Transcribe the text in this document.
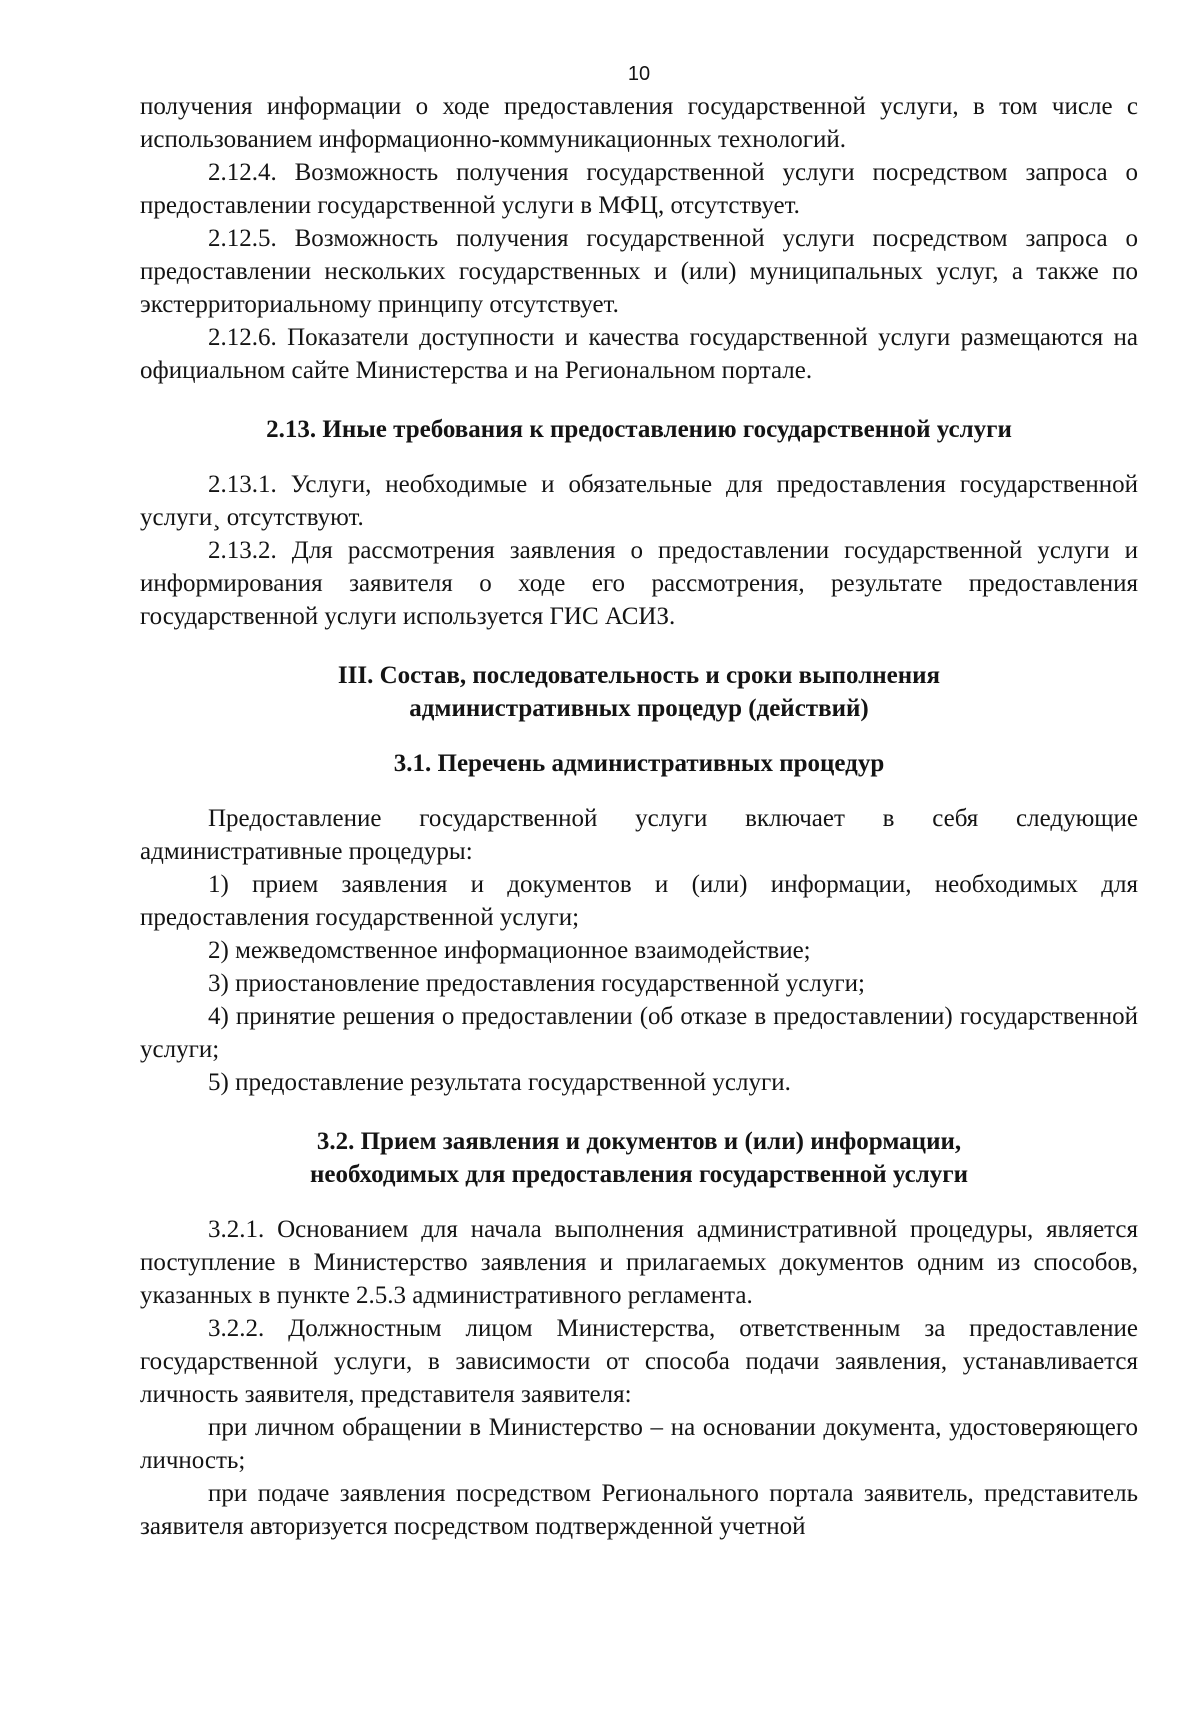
10

получения информации о ходе предоставления государственной услуги, в том числе с использованием информационно-коммуникационных технологий.

2.12.4. Возможность получения государственной услуги посредством запроса о предоставлении государственной услуги в МФЦ, отсутствует.

2.12.5. Возможность получения государственной услуги посредством запроса о предоставлении нескольких государственных и (или) муниципальных услуг, а также по экстерриториальному принципу отсутствует.

2.12.6. Показатели доступности и качества государственной услуги размещаются на официальном сайте Министерства и на Региональном портале.

2.13. Иные требования к предоставлению государственной услуги

2.13.1. Услуги, необходимые и обязательные для предоставления государственной услуги¸ отсутствуют.

2.13.2. Для рассмотрения заявления о предоставлении государственной услуги и информирования заявителя о ходе его рассмотрения, результате предоставления государственной услуги используется ГИС АСИЗ.

III. Состав, последовательность и сроки выполнения
административных процедур (действий)
3.1. Перечень административных процедур

Предоставление государственной услуги включает в себя следующие административные процедуры:

1) прием заявления и документов и (или) информации, необходимых для предоставления государственной услуги;

2) межведомственное информационное взаимодействие;

3) приостановление предоставления государственной услуги;

4) принятие решения о предоставлении (об отказе в предоставлении) государственной услуги;

5) предоставление результата государственной услуги.

3.2. Прием заявления и документов и (или) информации,
необходимых для предоставления государственной услуги

3.2.1. Основанием для начала выполнения административной процедуры, является поступление в Министерство заявления и прилагаемых документов одним из способов, указанных в пункте 2.5.3 административного регламента.

3.2.2. Должностным лицом Министерства, ответственным за предоставление государственной услуги, в зависимости от способа подачи заявления, устанавливается личность заявителя, представителя заявителя:

при личном обращении в Министерство – на основании документа, удостоверяющего личность;

при подаче заявления посредством Регионального портала заявитель, представитель заявителя авторизуется посредством подтвержденной учетной
